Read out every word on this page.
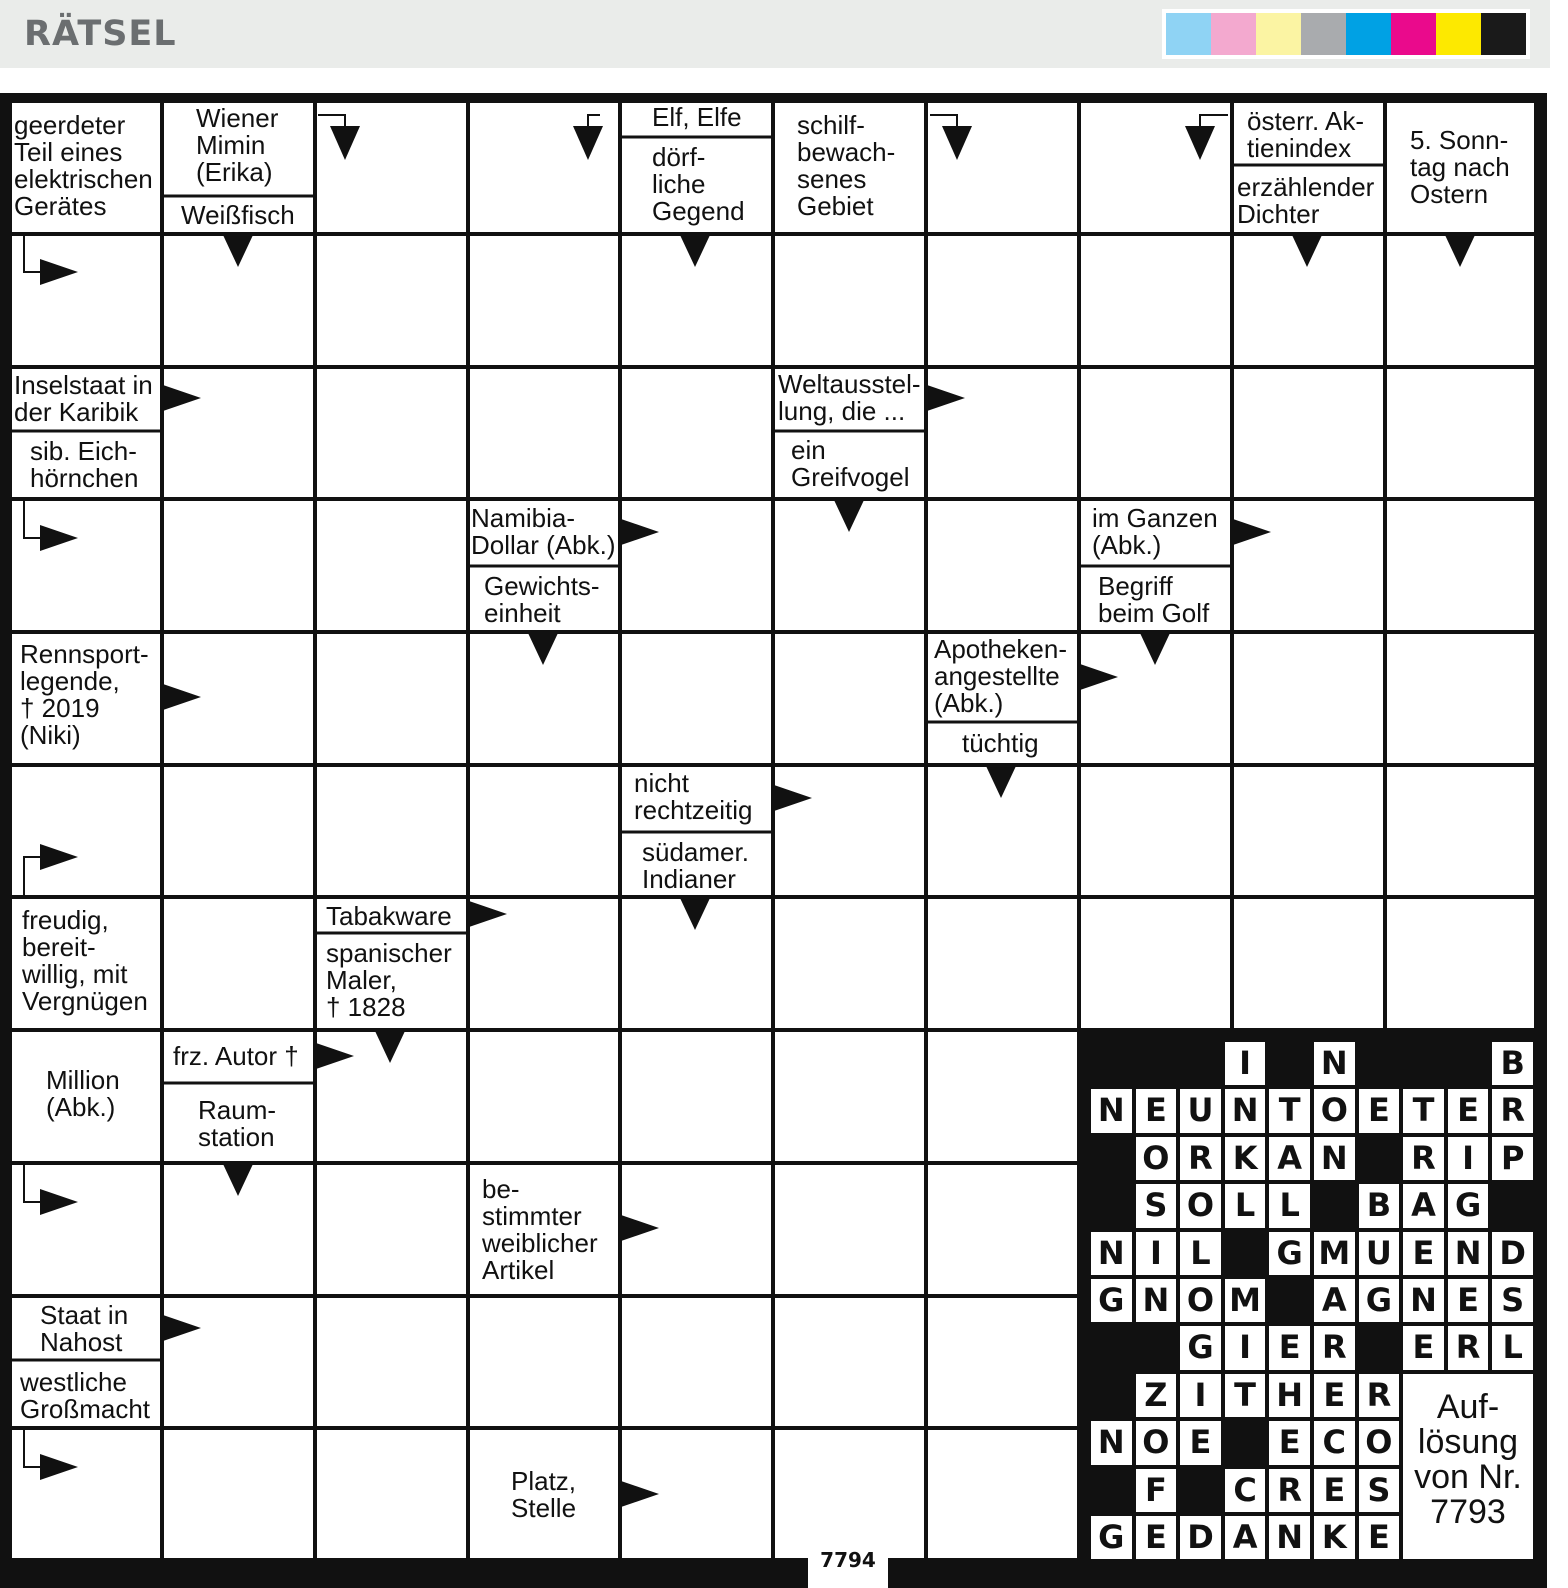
RÄTSEL
geerdeter
Teil eines
elektrischen
Gerätes
Wiener
Mimin
(Erika)
Weißfisch
Elf, Elfe
dörf-
liche
Gegend
schilf-
bewach-
senes
Gebiet
österr. Ak-
tienindex
erzählender
Dichter
5. Sonn-
tag nach
Ostern
Inselstaat in
der Karibik
sib. Eich-
hörnchen
Weltausstel-
lung, die ...
ein
Greifvogel
Namibia-
Dollar (Abk.)
Gewichts-
einheit
im Ganzen
(Abk.)
Begriff
beim Golf
Rennsport-
legende,
† 2019
(Niki)
Apotheken-
angestellte
(Abk.)
tüchtig
nicht
rechtzeitig
südamer.
Indianer
freudig,
bereit-
willig, mit
Vergnügen
Tabakware
spanischer
Maler,
† 1828
Million
(Abk.)
frz. Autor †
Raum-
station
be-
stimmter
weiblicher
Artikel
Staat in
Nahost
westliche
Großmacht
Platz,
Stelle
I	N	B
N E U N T O E T E R
O R K A N R I P
S O L L	B A G
N I L	G M U E N D
G N O M A G N E S
G I E R E R L
Z I T H E R
N O E E C O
F C R E S
G E D A N K E
Auf-
lösung
von Nr.
7793
7794
